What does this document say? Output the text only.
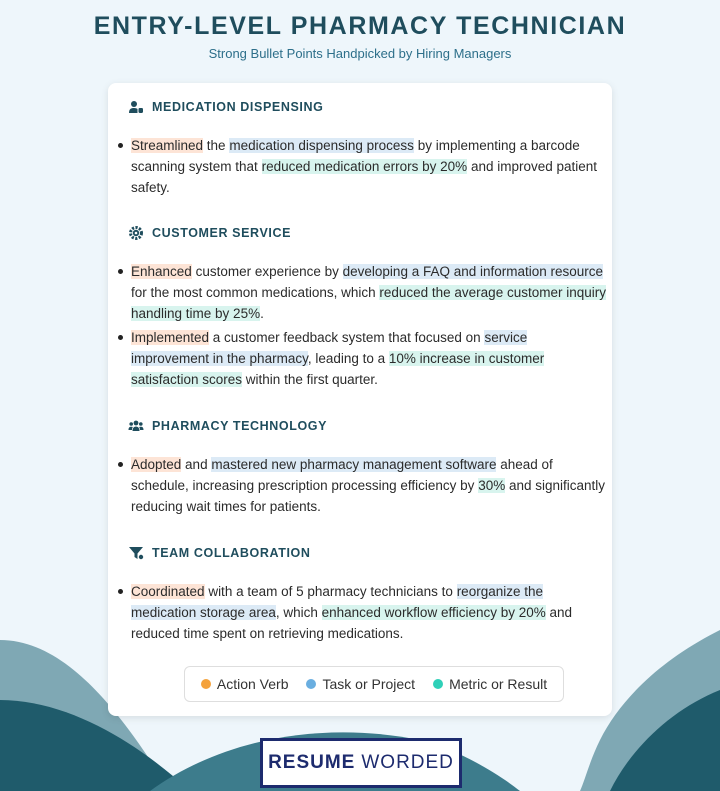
ENTRY-LEVEL PHARMACY TECHNICIAN
Strong Bullet Points Handpicked by Hiring Managers
MEDICATION DISPENSING
Streamlined the medication dispensing process by implementing a barcode scanning system that reduced medication errors by 20% and improved patient safety.
CUSTOMER SERVICE
Enhanced customer experience by developing a FAQ and information resource for the most common medications, which reduced the average customer inquiry handling time by 25%.
Implemented a customer feedback system that focused on service improvement in the pharmacy, leading to a 10% increase in customer satisfaction scores within the first quarter.
PHARMACY TECHNOLOGY
Adopted and mastered new pharmacy management software ahead of schedule, increasing prescription processing efficiency by 30% and significantly reducing wait times for patients.
TEAM COLLABORATION
Coordinated with a team of 5 pharmacy technicians to reorganize the medication storage area, which enhanced workflow efficiency by 20% and reduced time spent on retrieving medications.
Action Verb Task or Project Metric or Result
RESUME WORDED
